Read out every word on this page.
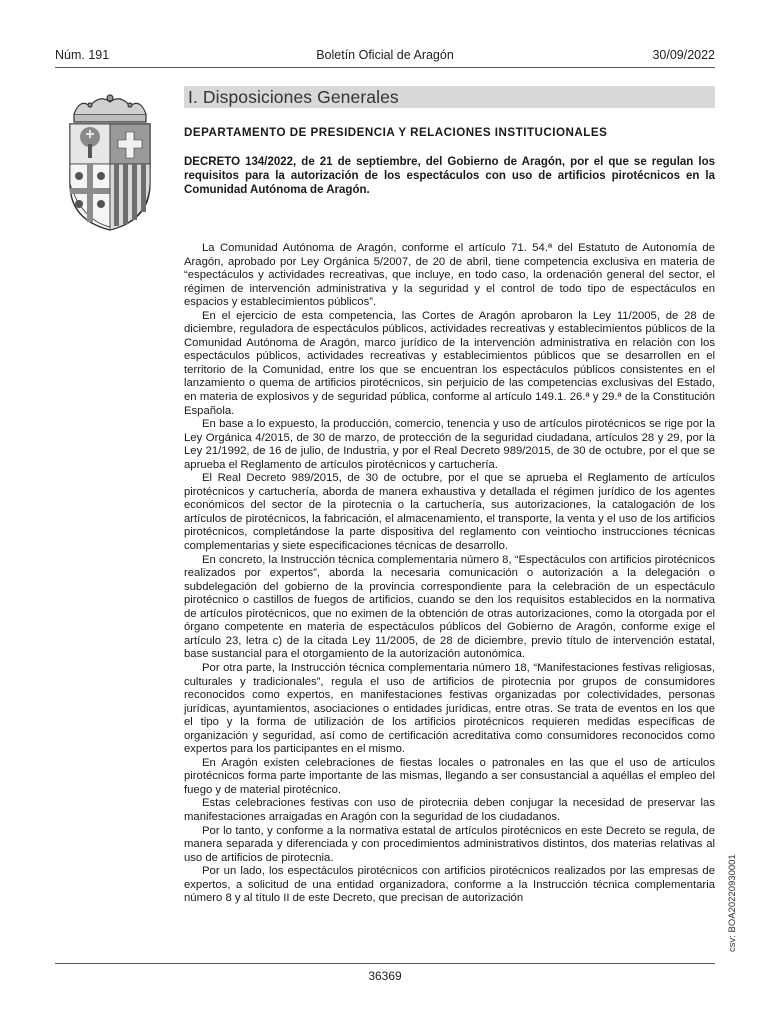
Núm. 191	Boletín Oficial de Aragón	30/09/2022
I. Disposiciones Generales
DEPARTAMENTO DE PRESIDENCIA Y RELACIONES INSTITUCIONALES
DECRETO 134/2022, de 21 de septiembre, del Gobierno de Aragón, por el que se regulan los requisitos para la autorización de los espectáculos con uso de artificios pirotécnicos en la Comunidad Autónoma de Aragón.

La Comunidad Autónoma de Aragón, conforme el artículo 71. 54.ª del Estatuto de Autonomía de Aragón, aprobado por Ley Orgánica 5/2007, de 20 de abril, tiene competencia exclusiva en materia de “espectáculos y actividades recreativas, que incluye, en todo caso, la ordenación general del sector, el régimen de intervención administrativa y la seguridad y el control de todo tipo de espectáculos en espacios y establecimientos públicos”.

En el ejercicio de esta competencia, las Cortes de Aragón aprobaron la Ley 11/2005, de 28 de diciembre, reguladora de espectáculos públicos, actividades recreativas y establecimientos públicos de la Comunidad Autónoma de Aragón, marco jurídico de la intervención administrativa en relación con los espectáculos públicos, actividades recreativas y establecimientos públicos que se desarrollen en el territorio de la Comunidad, entre los que se encuentran los espectáculos públicos consistentes en el lanzamiento o quema de artificios pirotécnicos, sin perjuicio de las competencias exclusivas del Estado, en materia de explosivos y de seguridad pública, conforme al artículo 149.1. 26.ª y 29.ª de la Constitución Española.

En base a lo expuesto, la producción, comercio, tenencia y uso de artículos pirotécnicos se rige por la Ley Orgánica 4/2015, de 30 de marzo, de protección de la seguridad ciudadana, artículos 28 y 29, por la Ley 21/1992, de 16 de julio, de Industria, y por el Real Decreto 989/2015, de 30 de octubre, por el que se aprueba el Reglamento de artículos pirotécnicos y cartuchería.

El Real Decreto 989/2015, de 30 de octubre, por el que se aprueba el Reglamento de artículos pirotécnicos y cartuchería, aborda de manera exhaustiva y detallada el régimen jurídico de los agentes económicos del sector de la pirotecnia o la cartuchería, sus autorizaciones, la catalogación de los artículos de pirotécnicos, la fabricación, el almacenamiento, el transporte, la venta y el uso de los artificios pirotécnicos, completándose la parte dispositiva del reglamento con veintiocho instrucciones técnicas complementarias y siete especificaciones técnicas de desarrollo.

En concreto, la Instrucción técnica complementaria número 8, “Espectáculos con artificios pirotécnicos realizados por expertos”, aborda la necesaria comunicación o autorización a la delegación o subdelegación del gobierno de la provincia correspondiente para la celebración de un espectáculo pirotécnico o castillos de fuegos de artificios, cuando se den los requisitos establecidos en la normativa de artículos pirotécnicos, que no eximen de la obtención de otras autorizaciones, como la otorgada por el órgano competente en materia de espectáculos públicos del Gobierno de Aragón, conforme exige el artículo 23, letra c) de la citada Ley 11/2005, de 28 de diciembre, previo título de intervención estatal, base sustancial para el otorgamiento de la autorización autonómica.

Por otra parte, la Instrucción técnica complementaria número 18, “Manifestaciones festivas religiosas, culturales y tradicionales”, regula el uso de artificios de pirotecnia por grupos de consumidores reconocidos como expertos, en manifestaciones festivas organizadas por colectividades, personas jurídicas, ayuntamientos, asociaciones o entidades jurídicas, entre otras. Se trata de eventos en los que el tipo y la forma de utilización de los artificios pirotécnicos requieren medidas específicas de organización y seguridad, así como de certificación acreditativa como consumidores reconocidos como expertos para los participantes en el mismo.

En Aragón existen celebraciones de fiestas locales o patronales en las que el uso de artículos pirotécnicos forma parte importante de las mismas, llegando a ser consustancial a aquéllas el empleo del fuego y de material pirotécnico.

Estas celebraciones festivas con uso de pirotecnia deben conjugar la necesidad de preservar las manifestaciones arraigadas en Aragón con la seguridad de los ciudadanos.

Por lo tanto, y conforme a la normativa estatal de artículos pirotécnicos en este Decreto se regula, de manera separada y diferenciada y con procedimientos administrativos distintos, dos materias relativas al uso de artificios de pirotecnia.

Por un lado, los espectáculos pirotécnicos con artificios pirotécnicos realizados por las empresas de expertos, a solicitud de una entidad organizadora, conforme a la Instrucción técnica complementaria número 8 y al título II de este Decreto, que precisan de autorización

36369
csv: BOA20220930001
